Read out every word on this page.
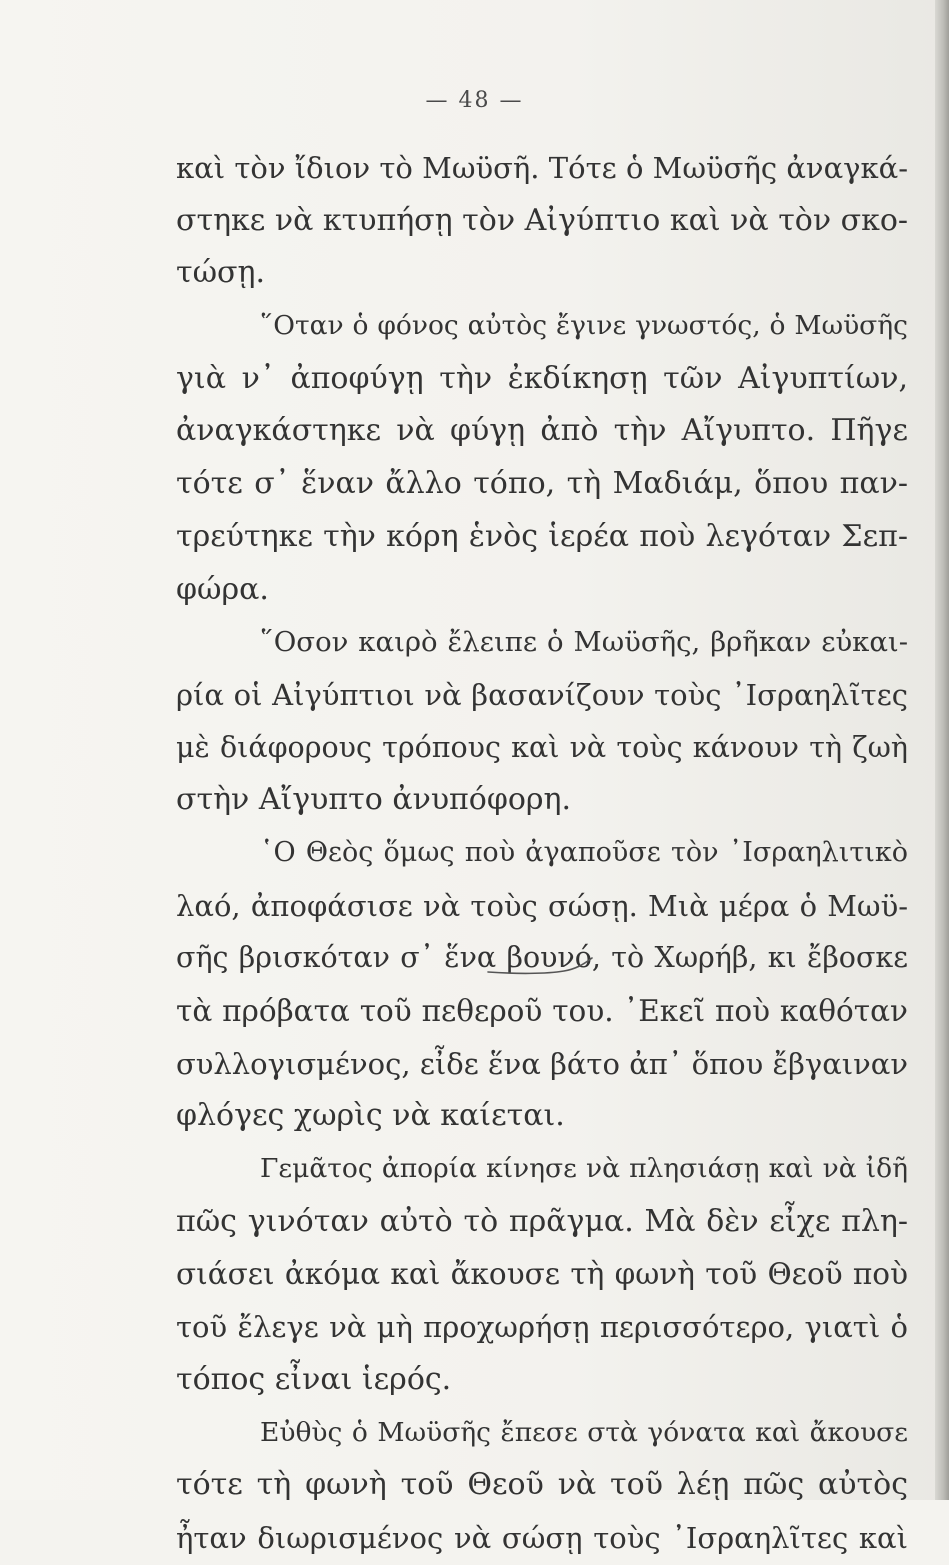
— 48 —

καὶ τὸν ἴδιον τὸ Μωϋσῆ. Τότε ὁ Μωϋσῆς ἀναγκά-

στηκε νὰ κτυπήσῃ τὸν Αἰγύπτιο καὶ νὰ τὸν σκο-

τώσῃ.

῞Οταν ὁ φόνος αὐτὸς ἔγινε γνωστός, ὁ Μωϋσῆς

γιὰ ν᾿ ἀποφύγῃ τὴν ἐκδίκησῃ τῶν Αἰγυπτίων,

ἀναγκάστηκε νὰ φύγῃ ἀπὸ τὴν Αἴγυπτο. Πῆγε

τότε σ᾿ ἕναν ἄλλο τόπο, τὴ Μαδιάμ, ὅπου παν-

τρεύτηκε τὴν κόρη ἑνὸς ἱερέα ποὺ λεγόταν Σεπ-

φώρα.

῞Οσον καιρὸ ἔλειπε ὁ Μωϋσῆς, βρῆκαν εὐκαι-

ρία οἱ Αἰγύπτιοι νὰ βασανίζουν τοὺς ᾿Ισραηλῖτες

μὲ διάφορους τρόπους καὶ νὰ τοὺς κάνουν τὴ ζωὴ

στὴν Αἴγυπτο ἀνυπόφορη.

῾Ο Θεὸς ὅμως ποὺ ἀγαποῦσε τὸν ᾿Ισραηλιτικὸ

λαό, ἀποφάσισε νὰ τοὺς σώσῃ. Μιὰ μέρα ὁ Μωϋ-

σῆς βρισκόταν σ᾿ ἕνα βουνό, τὸ Χωρήβ, κι ἔβοσκε

τὰ πρόβατα τοῦ πεθεροῦ του. ᾿Εκεῖ ποὺ καθόταν

συλλογισμένος, εἶδε ἕνα βάτο ἀπ᾿ ὅπου ἔβγαιναν

φλόγες χωρὶς νὰ καίεται.

Γεμᾶτος ἀπορία κίνησε νὰ πλησιάσῃ καὶ νὰ ἰδῆ

πῶς γινόταν αὐτὸ τὸ πρᾶγμα. Μὰ δὲν εἶχε πλη-

σιάσει ἀκόμα καὶ ἄκουσε τὴ φωνὴ τοῦ Θεοῦ ποὺ

τοῦ ἔλεγε νὰ μὴ προχωρήσῃ περισσότερο, γιατὶ ὁ

τόπος εἶναι ἱερός.

Εὐθὺς ὁ Μωϋσῆς ἔπεσε στὰ γόνατα καὶ ἄκουσε

τότε τὴ φωνὴ τοῦ Θεοῦ νὰ τοῦ λέῃ πῶς αὐτὸς

ἦταν διωρισμένος νὰ σώσῃ τοὺς ᾿Ισραηλῖτες καὶ
